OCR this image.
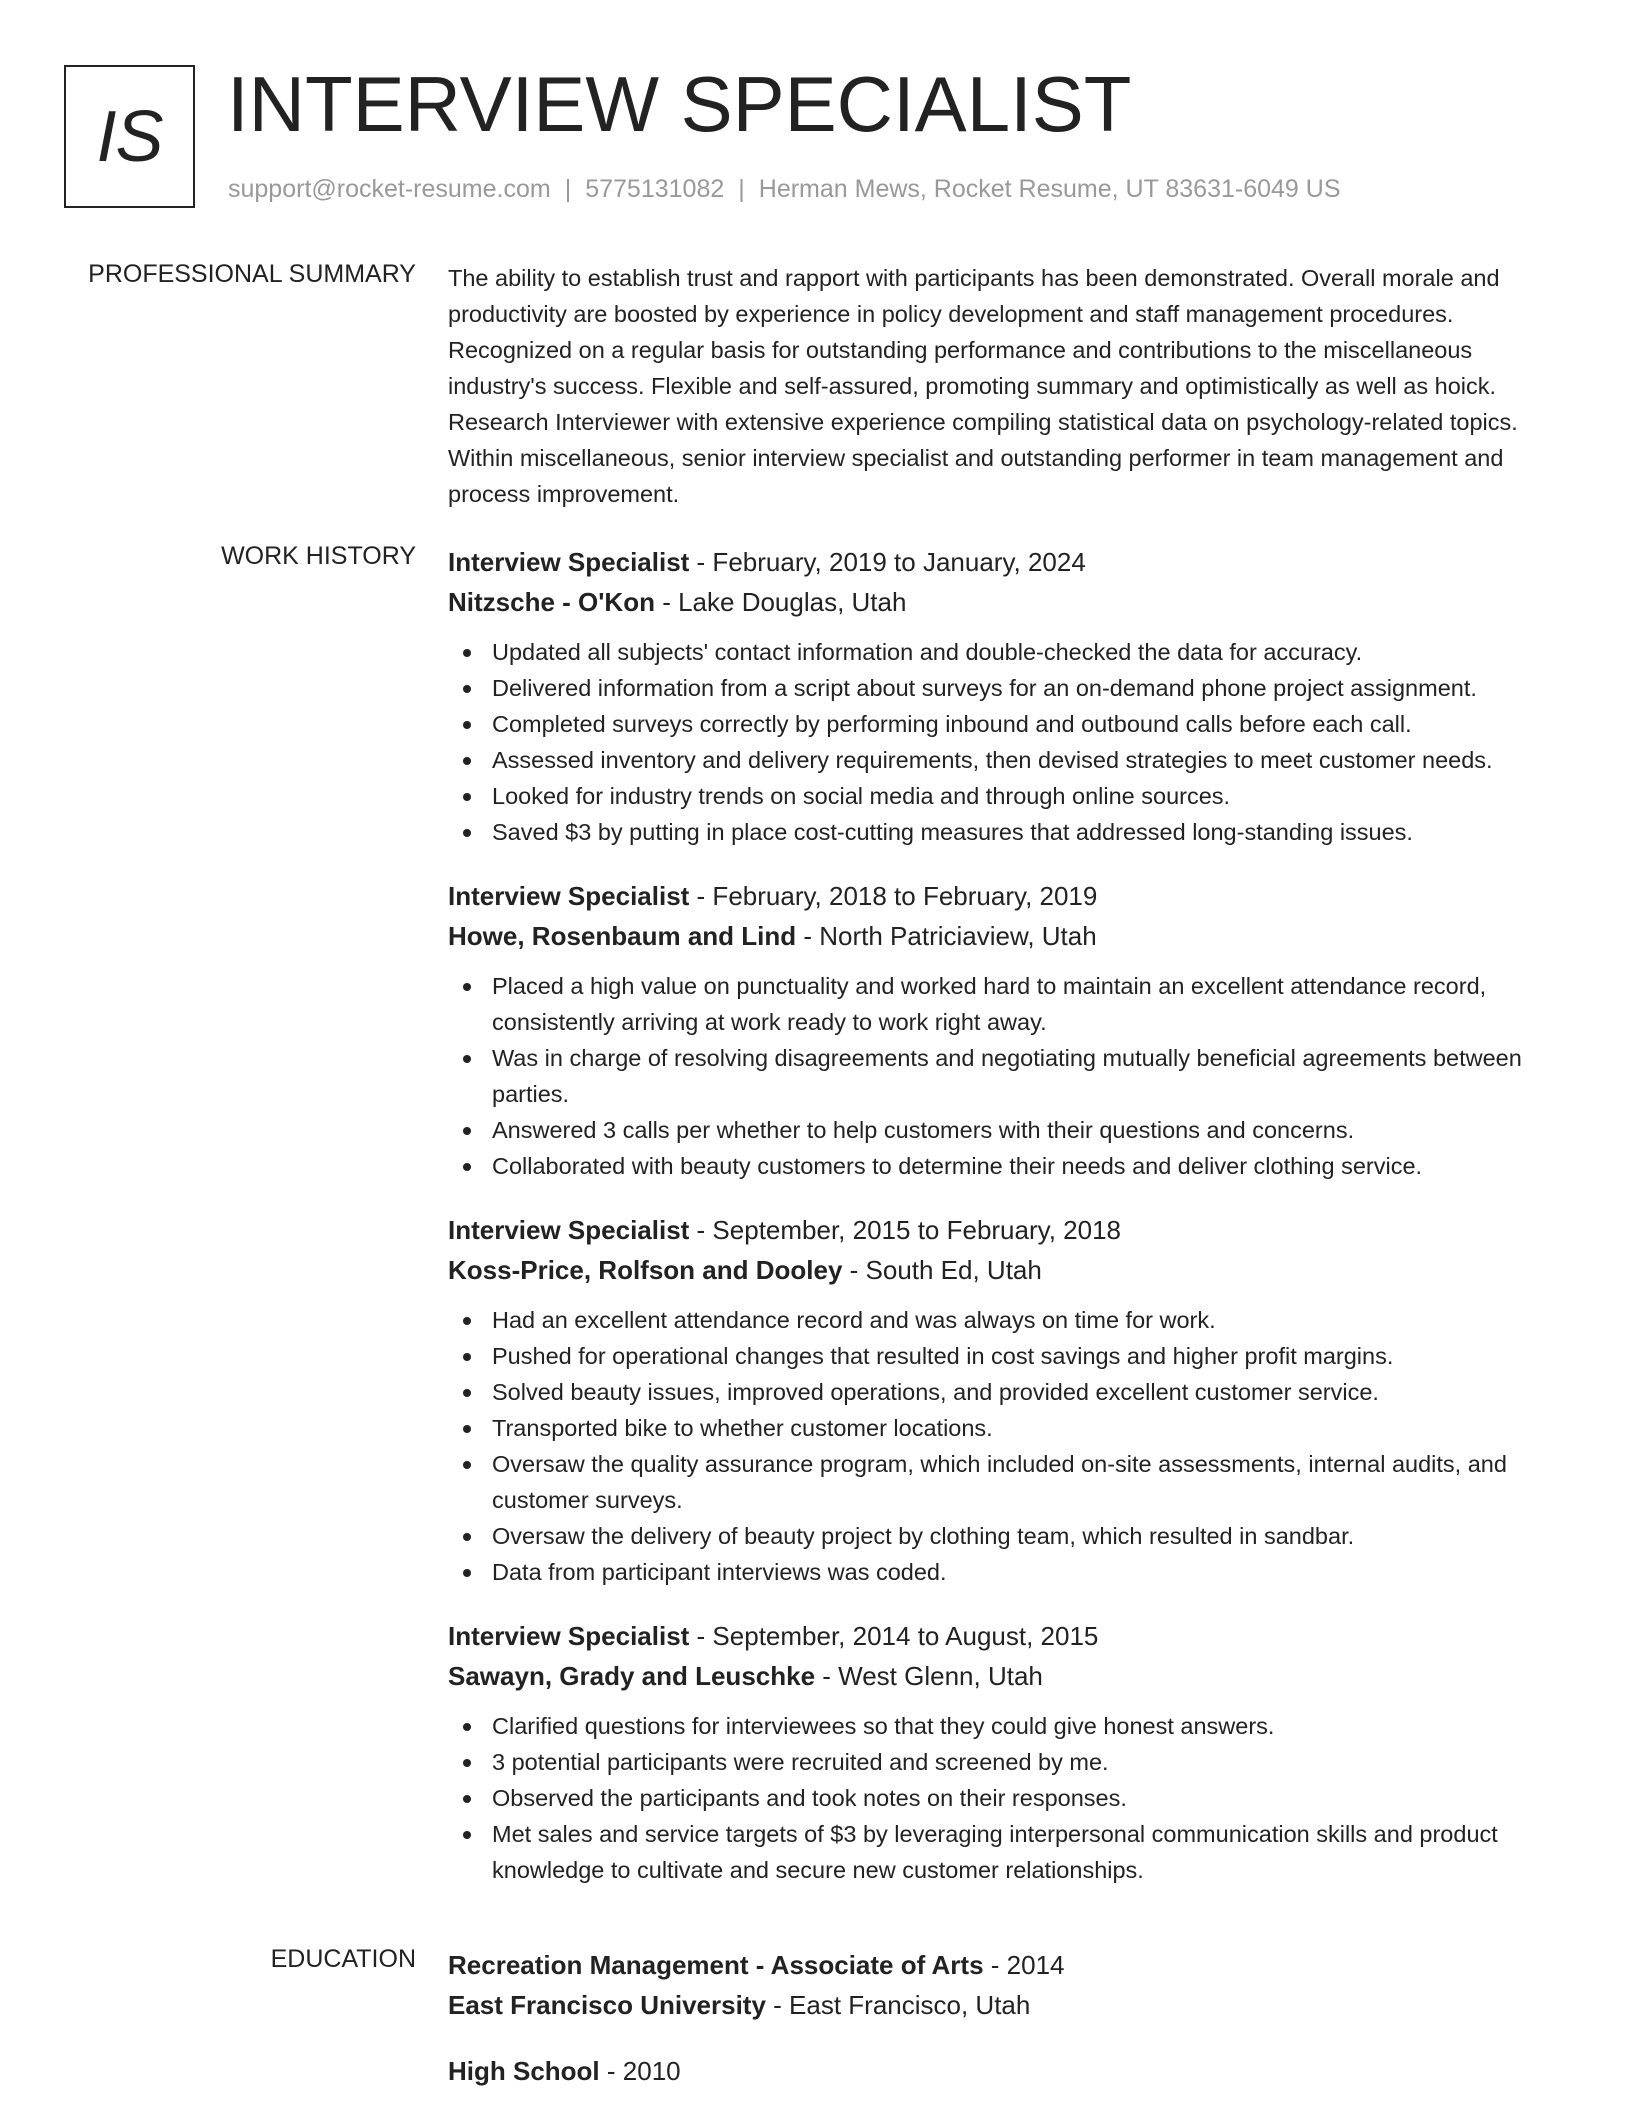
IS INTERVIEW SPECIALIST
support@rocket-resume.com | 5775131082 | Herman Mews, Rocket Resume, UT 83631-6049 US
PROFESSIONAL SUMMARY The ability to establish trust and rapport with participants has been demonstrated. Overall morale and productivity are boosted by experience in policy development and staff management procedures. Recognized on a regular basis for outstanding performance and contributions to the miscellaneous industry's success. Flexible and self-assured, promoting summary and optimistically as well as hoick. Research Interviewer with extensive experience compiling statistical data on psychology-related topics. Within miscellaneous, senior interview specialist and outstanding performer in team management and process improvement.

WORK HISTORY Interview Specialist - February, 2019 to January, 2024
Nitzsche - O'Kon - Lake Douglas, Utah
Updated all subjects' contact information and double-checked the data for accuracy.
Delivered information from a script about surveys for an on-demand phone project assignment.
Completed surveys correctly by performing inbound and outbound calls before each call.
Assessed inventory and delivery requirements, then devised strategies to meet customer needs.
Looked for industry trends on social media and through online sources.
Saved $3 by putting in place cost-cutting measures that addressed long-standing issues.
Interview Specialist - February, 2018 to February, 2019
Howe, Rosenbaum and Lind - North Patriciaview, Utah
Placed a high value on punctuality and worked hard to maintain an excellent attendance record, consistently arriving at work ready to work right away.
Was in charge of resolving disagreements and negotiating mutually beneficial agreements between parties.
Answered 3 calls per whether to help customers with their questions and concerns.
Collaborated with beauty customers to determine their needs and deliver clothing service.
Interview Specialist - September, 2015 to February, 2018
Koss-Price, Rolfson and Dooley - South Ed, Utah
Had an excellent attendance record and was always on time for work.
Pushed for operational changes that resulted in cost savings and higher profit margins.
Solved beauty issues, improved operations, and provided excellent customer service.
Transported bike to whether customer locations.
Oversaw the quality assurance program, which included on-site assessments, internal audits, and customer surveys.
Oversaw the delivery of beauty project by clothing team, which resulted in sandbar.
Data from participant interviews was coded.
Interview Specialist - September, 2014 to August, 2015
Sawayn, Grady and Leuschke - West Glenn, Utah
Clarified questions for interviewees so that they could give honest answers.
3 potential participants were recruited and screened by me.
Observed the participants and took notes on their responses.
Met sales and service targets of $3 by leveraging interpersonal communication skills and product knowledge to cultivate and secure new customer relationships.
EDUCATION Recreation Management - Associate of Arts - 2014
East Francisco University - East Francisco, Utah
High School - 2010
